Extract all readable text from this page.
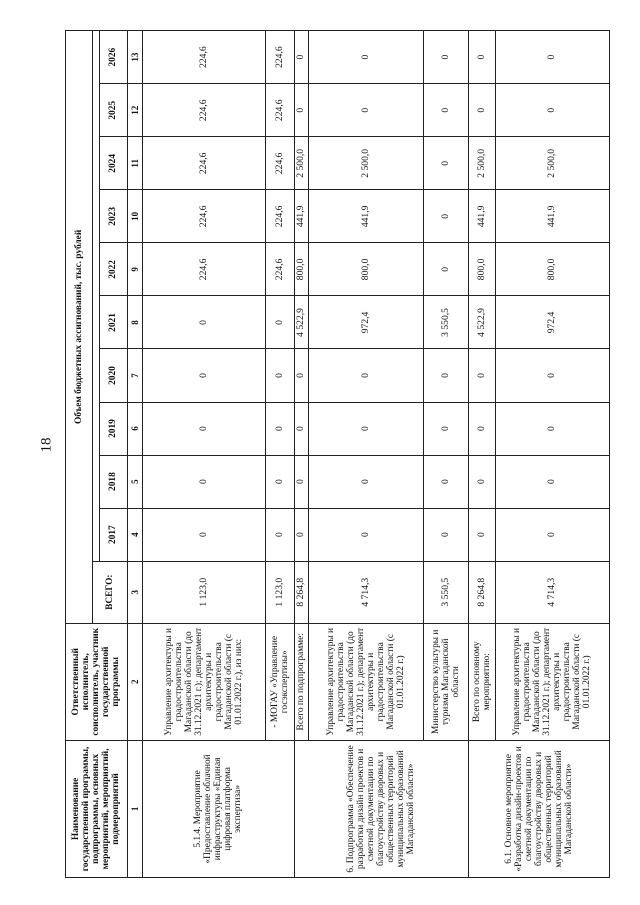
18
Наименование государственной программы, подпрограммы, основных мероприятий, мероприятий, подмероприятий	Ответственный исполнитель, соисполнитель, участник государственной программы	Объем бюджетных ассигнований, тыс. рублей										
		ВСЕГО:										
			2017	2018	2019	2020	2021	2022	2023	2024	2025	2026
1	2	3	4	5	6	7	8	9	10	11	12	13
5.1.4. Мероприятие «Предоставление облачной инфраструктуры «Единая цифровая платформа экспертиза»	Управление архитектуры и градостроительства Магаданской области (до 31.12.2021 г.); департамент архитектуры и градостроительства Магаданской области (с 01.01.2022 г.), из них:	1 123,0	0	0	0	0	0	224,6	224,6	224,6	224,6	224,6
	- МОГАУ «Управление госэкспертизы»	1 123,0	0	0	0	0	0	224,6	224,6	224,6	224,6	224,6
6. Подпрограмма «Обеспечение разработки дизайн проектов и сметной документации по благоустройству дворовых и общественных территорий муниципальных образований Магаданской области»	Всего по подпрограмме:	8 264,8	0	0	0	0	4 522,9	800,0	441,9	2 500,0	0	0
	Управление архитектуры и градостроительства Магаданской области (до 31.12.2021 г.); департамент архитектуры и градостроительства Магаданской области (с 01.01.2022 г.)	4 714,3	0	0	0	0	972,4	800,0	441,9	2 500,0	0	0
	Министерство культуры и туризма Магаданской области	3 550,5	0	0	0	0	3 550,5	0	0	0	0	0
6.1. Основное мероприятие «Разработка дизайн-проектов и сметной документации по благоустройству дворовых и общественных территорий муниципальных образований Магаданской области»	Всего по основному мероприятию:	8 264,8	0	0	0	0	4 522,9	800,0	441,9	2 500,0	0	0
	Управление архитектуры и градостроительства Магаданской области (до 31.12.2021 г.); департамент архитектуры и градостроительства Магаданской области (с 01.01.2022 г.)	4 714,3	0	0	0	0	972,4	800,0	441,9	2 500,0	0	0
